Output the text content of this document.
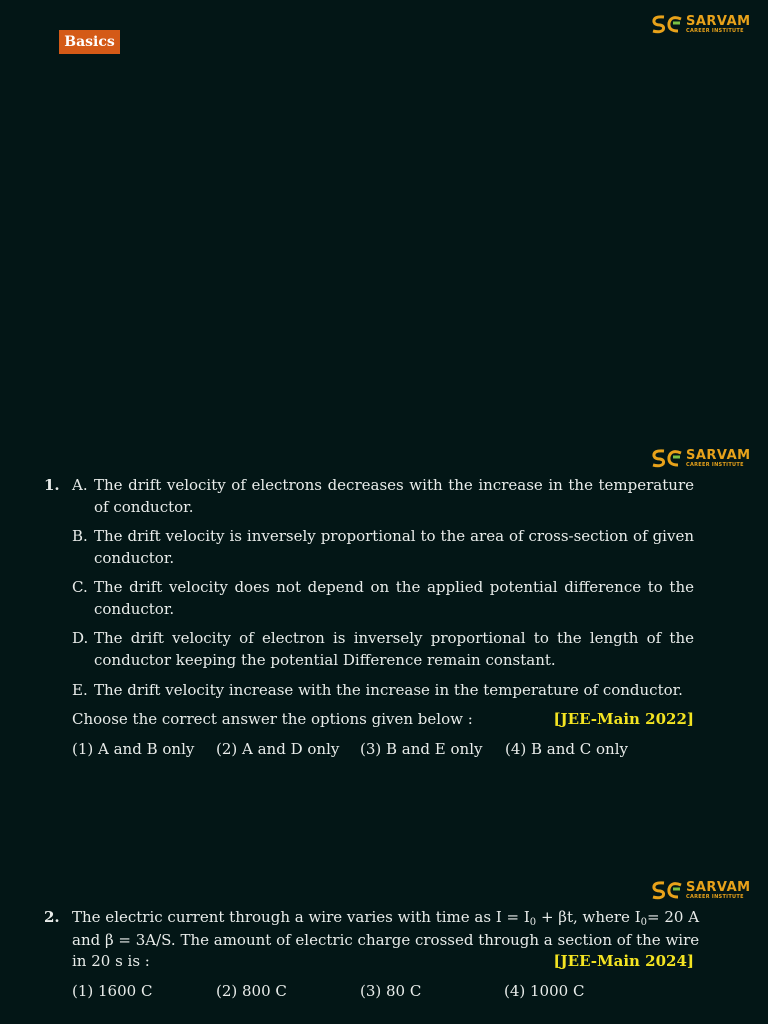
Basics
SARVAM
CAREER INSTITUTE
SARVAM
CAREER INSTITUTE
SARVAM
CAREER INSTITUTE
1. A. The drift velocity of electrons decreases with the increase in the temperature of conductor.
B. The drift velocity is inversely proportional to the area of cross-section of given conductor.
C. The drift velocity does not depend on the applied potential difference to the conductor.
D. The drift velocity of electron is inversely proportional to the length of the conductor keeping the potential Difference remain constant.
E. The drift velocity increase with the increase in the temperature of conductor.
Choose the correct answer the options given below :	[JEE-Main 2022]
(1) A and B only (2) A and D only (3) B and E only (4) B and C only
2. The electric current through a wire varies with time as $I = I_0 + \beta t$, where $I_0 = 20$ A
and β = 3A/S. The amount of electric charge crossed through a section of the wire
in 20 s is :	[JEE-Main 2024]
(1) 1600 C	(2) 800 C	(3) 80 C	(4) 1000 C
